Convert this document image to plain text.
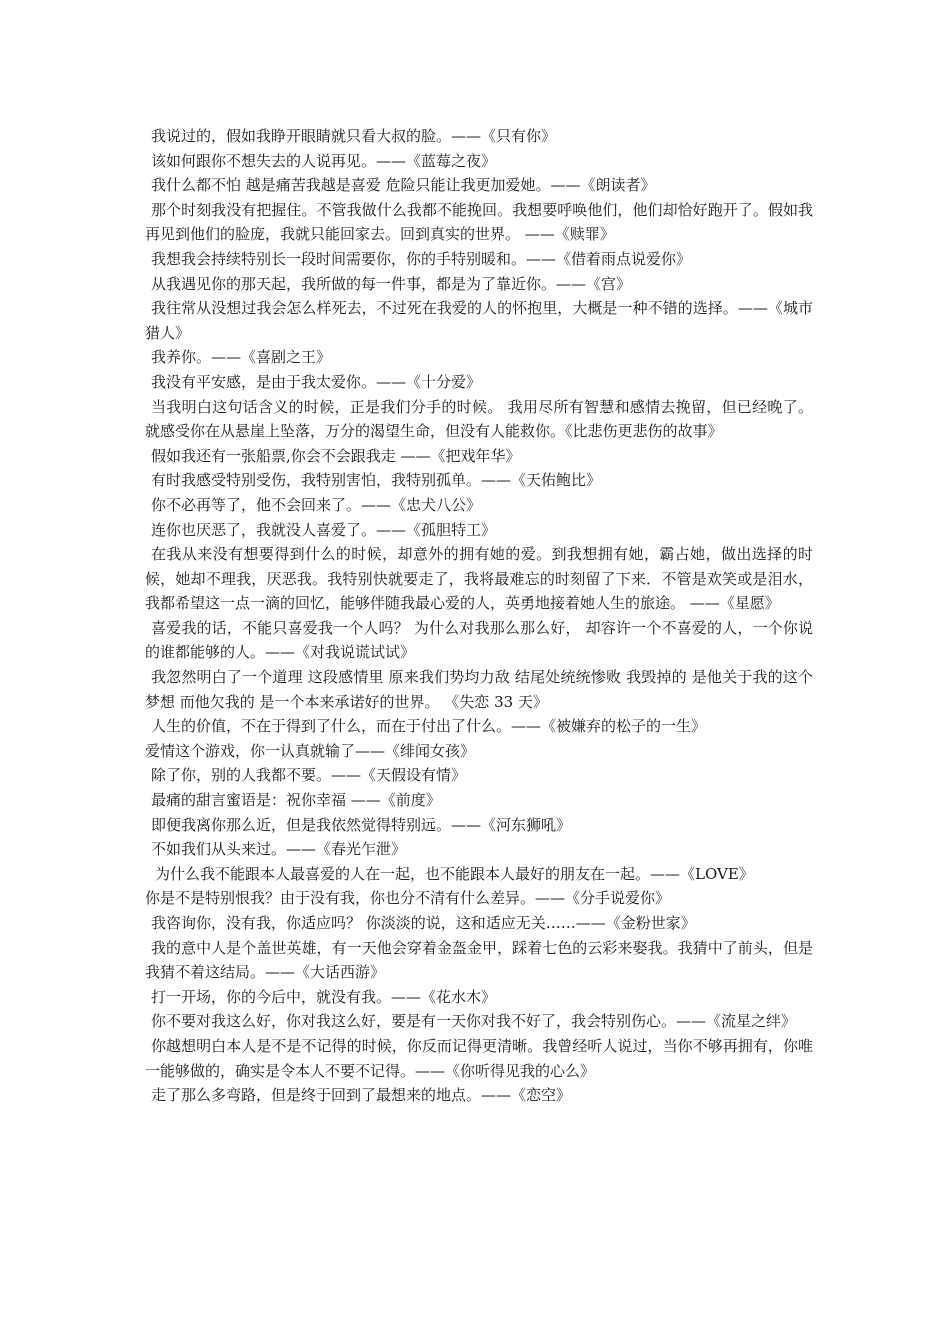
我说过的，假如我睁开眼睛就只看大叔的脸。——《只有你》

该如何跟你不想失去的人说再见。——《蓝莓之夜》

我什么都不怕 越是痛苦我越是喜爱 危险只能让我更加爱她。——《朗读者》

那个时刻我没有把握住。不管我做什么我都不能挽回。我想要呼唤他们，他们却恰好跑开了。假如我再见到他们的脸庞，我就只能回家去。回到真实的世界。 ——《赎罪》

我想我会持续特别长一段时间需要你，你的手特别暖和。——《借着雨点说爱你》

从我遇见你的那天起，我所做的每一件事，都是为了靠近你。——《宫》

我往常从没想过我会怎么样死去，不过死在我爱的人的怀抱里，大概是一种不错的选择。——《城市猎人》

我养你。——《喜剧之王》

我没有平安感，是由于我太爱你。——《十分爱》

当我明白这句话含义的时候，正是我们分手的时候。 我用尽所有智慧和感情去挽留，但已经晚了。就感受你在从悬崖上坠落，万分的渴望生命，但没有人能救你。《比悲伤更悲伤的故事》

假如我还有一张船票,你会不会跟我走 ——《把戏年华》

有时我感受特别受伤，我特别害怕，我特别孤单。——《天佑鲍比》

你不必再等了，他不会回来了。——《忠犬八公》

连你也厌恶了，我就没人喜爱了。——《孤胆特工》

在我从来没有想要得到什么的时候，却意外的拥有她的爱。到我想拥有她，霸占她，做出选择的时候，她却不理我，厌恶我。我特别快就要走了，我将最难忘的时刻留了下来．不管是欢笑或是泪水，我都希望这一点一滴的回忆，能够伴随我最心爱的人，英勇地接着她人生的旅途。 ——《星愿》

喜爱我的话，不能只喜爱我一个人吗？ 为什么对我那么那么好， 却容许一个不喜爱的人，一个你说的谁都能够的人。——《对我说谎试试》

我忽然明白了一个道理 这段感情里 原来我们势均力敌 结尾处统统惨败 我毁掉的 是他关于我的这个梦想 而他欠我的 是一个本来承诺好的世界。 《失恋 33 天》

人生的价值，不在于得到了什么，而在于付出了什么。——《被嫌弃的松子的一生》

爱情这个游戏，你一认真就输了——《绯闻女孩》

除了你，别的人我都不要。——《天假设有情》

最痛的甜言蜜语是：祝你幸福 ——《前度》

即便我离你那么近，但是我依然觉得特别远。——《河东狮吼》

不如我们从头来过。——《春光乍泄》

为什么我不能跟本人最喜爱的人在一起，也不能跟本人最好的朋友在一起。——《LOVE》

你是不是特别恨我？由于没有我，你也分不清有什么差异。——《分手说爱你》

我咨询你，没有我，你适应吗？ 你淡淡的说，这和适应无关……——《金粉世家》

我的意中人是个盖世英雄，有一天他会穿着金盔金甲，踩着七色的云彩来娶我。我猜中了前头，但是我猜不着这结局。——《大话西游》

打一开场，你的今后中，就没有我。——《花水木》

你不要对我这么好，你对我这么好，要是有一天你对我不好了，我会特别伤心。——《流星之绊》

你越想明白本人是不是不记得的时候，你反而记得更清晰。我曾经听人说过，当你不够再拥有，你唯一能够做的，确实是令本人不要不记得。——《你听得见我的心么》

走了那么多弯路，但是终于回到了最想来的地点。——《恋空》
